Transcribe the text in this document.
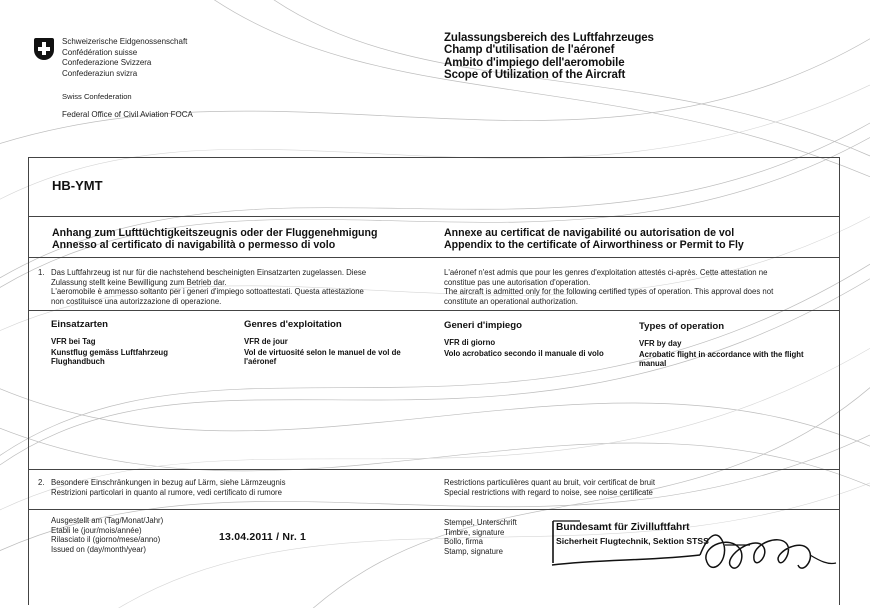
Schweizerische Eidgenossenschaft
Confédération suisse
Confederazione Svizzera
Confederaziun svizra
Swiss Confederation
Federal Office of Civil Aviation FOCA
Zulassungsbereich des Luftfahrzeuges
Champ d'utilisation de l'aéronef
Ambito d'impiego dell'aeromobile
Scope of Utilization of the Aircraft
HB-YMT
Anhang zum Lufttüchtigkeitszeugnis oder der Fluggenehmigung
Annesso al certificato di navigabilità o permesso di volo
Annexe au certificat de navigabilité ou autorisation de vol
Appendix to the certificate of Airworthiness or Permit to Fly
1. Das Luftfahrzeug ist nur für die nachstehend bescheinigten Einsatzarten zugelassen. Diese
Zulassung stellt keine Bewilligung zum Betrieb dar.
L'aeromobile è ammesso soltanto per i generi d'impiego sottoattestati. Questa attestazione
non costituisce una autorizzazione di operazione.
L'aéronef n'est admis que pour les genres d'exploitation attestés ci-après. Cette attestation ne
constitue pas une autorisation d'operation.
The aircraft is admitted only for the following certified types of operation. This approval does not
constitute an operational authorization.
Einsatzarten
VFR bei Tag
Kunstflug gemäss Luftfahrzeug
Flughandbuch
Genres d'exploitation
VFR de jour
Vol de virtuosité selon le manuel de vol de
l'aéronef
Generi d'impiego
VFR di giorno
Volo acrobatico secondo il manuale di volo
Types of operation
VFR by day
Acrobatic flight in accordance with the flight
manual
2. Besondere Einschränkungen in bezug auf Lärm, siehe Lärmzeugnis
Restrizioni particolari in quanto al rumore, vedi certificato di rumore
Restrictions particulières quant au bruit, voir certificat de bruit
Special restrictions with regard to noise, see noise certificate
Ausgestellt am (Tag/Monat/Jahr)
Etabli le (jour/mois/année)
Rilasciato il (giorno/mese/anno)
Issued on (day/month/year)
13.04.2011 / Nr. 1
Stempel, Unterschrift
Timbre, signature
Bollo, firma
Stamp, signature
Bundesamt für Zivilluftfahrt
Sicherheit Flugtechnik, Sektion STSS
